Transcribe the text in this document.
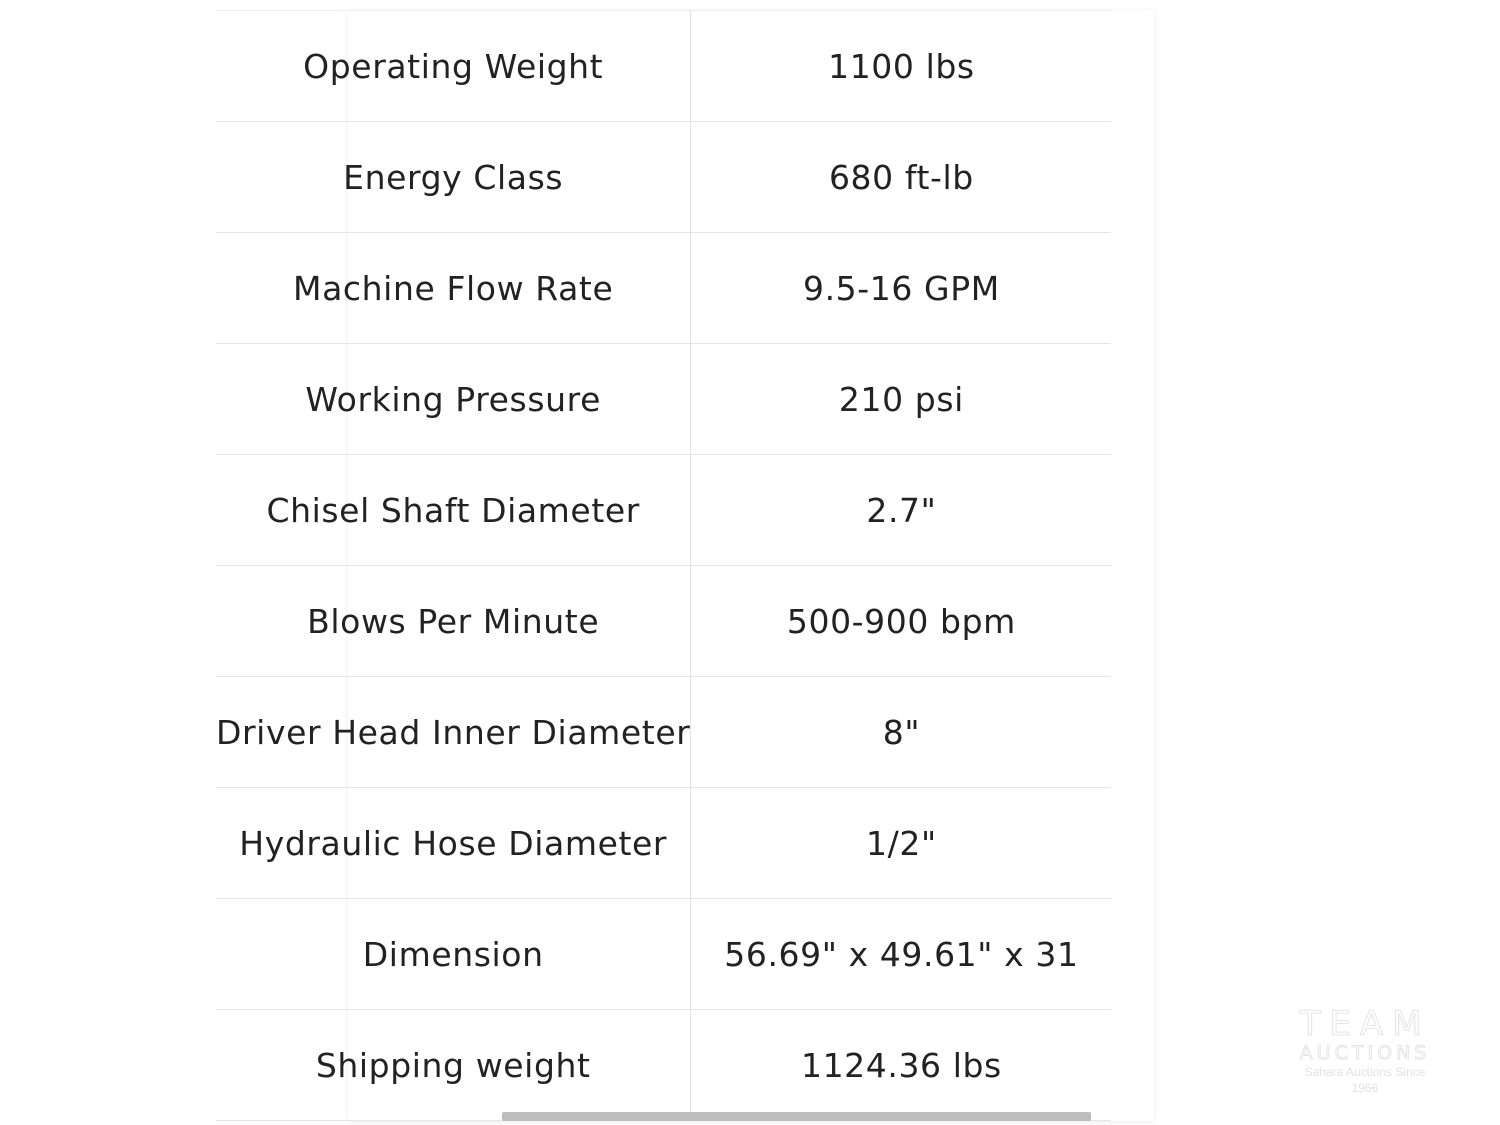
Operating Weight	1100 lbs
Energy Class	680 ft-lb
Machine Flow Rate	9.5-16 GPM
Working Pressure	210 psi
Chisel Shaft Diameter	2.7"
Blows Per Minute	500-900 bpm
Driver Head Inner Diameter	8"
Hydraulic Hose Diameter	1/2"
Dimension	56.69" x 49.61" x 31
Shipping weight	1124.36 lbs
TEAM
AUCTIONS
Sahara Auctions Since 1966
